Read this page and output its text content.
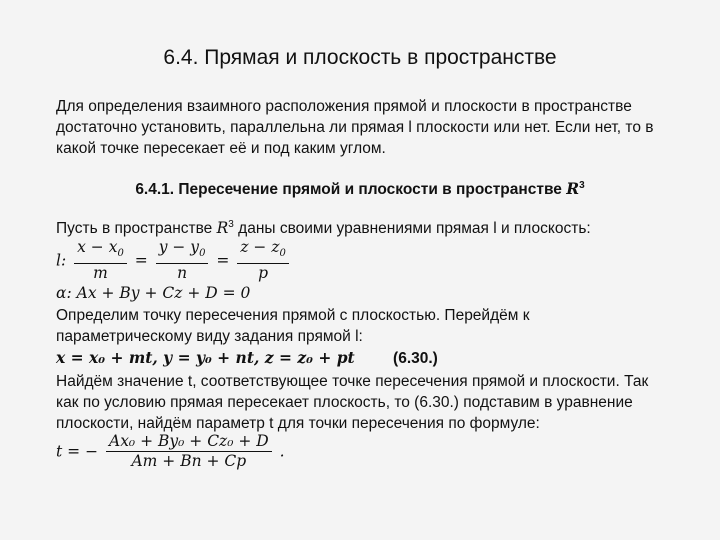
6.4. Прямая и плоскость в пространстве
Для определения взаимного расположения прямой и плоскости в пространстве достаточно установить, параллельна ли прямая l плоскости или нет. Если нет, то в какой точке пересекает её и под каким углом.
6.4.1. Пересечение прямой и плоскости в пространстве $R^3$
Пусть в пространстве $R^3$ даны своими уравнениями прямая l и плоскость:
l: $\frac{x - x_0}{m} = \frac{y - y_0}{n} = \frac{z - z_0}{p}$
α: Ax + By + Cz + D = 0
Определим точку пересечения прямой с плоскостью. Перейдём к параметрическому виду задания прямой l:
x = x₀ + mt, y = y₀ + nt, z = z₀ + pt (6.30.)
Найдём значение t, соответствующее точке пересечения прямой и плоскости. Так как по условию прямая пересекает плоскость, то (6.30.) подставим в уравнение плоскости, найдём параметр t для точки пересечения по формуле:
t = − $\frac{\text{Ax₀ + By₀ + Cz₀ + D}}{Am + Bn + Cp}$ .
